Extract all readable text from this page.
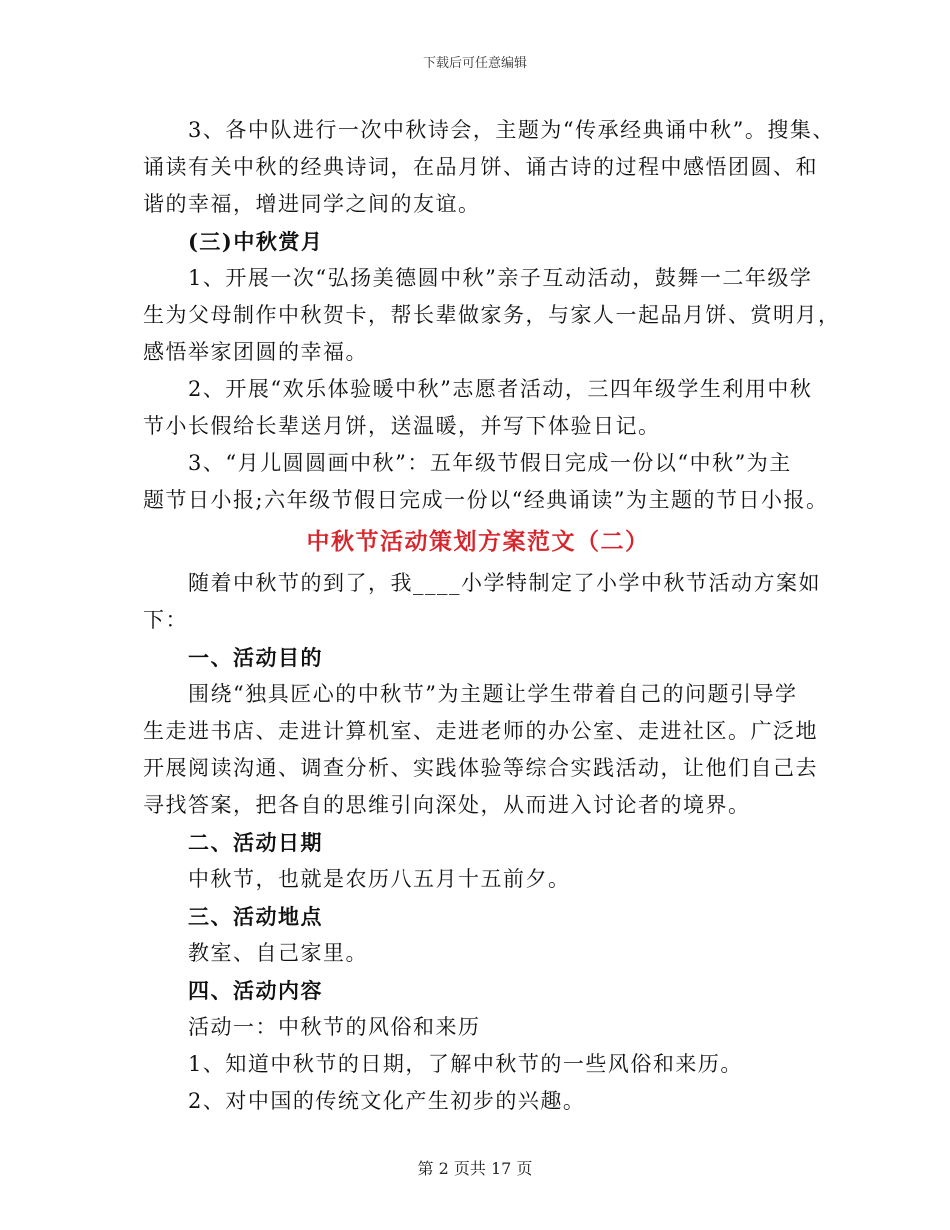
下载后可任意编辑
3、各中队进行一次中秋诗会，主题为“传承经典诵中秋”。搜集、
诵读有关中秋的经典诗词，在品月饼、诵古诗的过程中感悟团圆、和
谐的幸福，增进同学之间的友谊。
(三)中秋赏月
1、开展一次“弘扬美德圆中秋”亲子互动活动，鼓舞一二年级学
生为父母制作中秋贺卡，帮长辈做家务，与家人一起品月饼、赏明月，
感悟举家团圆的幸福。
2、开展“欢乐体验暖中秋”志愿者活动，三四年级学生利用中秋
节小长假给长辈送月饼，送温暖，并写下体验日记。
3、“月儿圆圆画中秋”：五年级节假日完成一份以“中秋”为主
题节日小报;六年级节假日完成一份以“经典诵读”为主题的节日小报。
中秋节活动策划方案范文（二）
随着中秋节的到了，我____小学特制定了小学中秋节活动方案如
下：
一、活动目的
围绕“独具匠心的中秋节”为主题让学生带着自己的问题引导学
生走进书店、走进计算机室、走进老师的办公室、走进社区。广泛地
开展阅读沟通、调查分析、实践体验等综合实践活动，让他们自己去
寻找答案，把各自的思维引向深处，从而进入讨论者的境界。
二、活动日期
中秋节，也就是农历八五月十五前夕。
三、活动地点
教室、自己家里。
四、活动内容
活动一：中秋节的风俗和来历
1、知道中秋节的日期，了解中秋节的一些风俗和来历。
2、对中国的传统文化产生初步的兴趣。
第 2 页共 17 页
